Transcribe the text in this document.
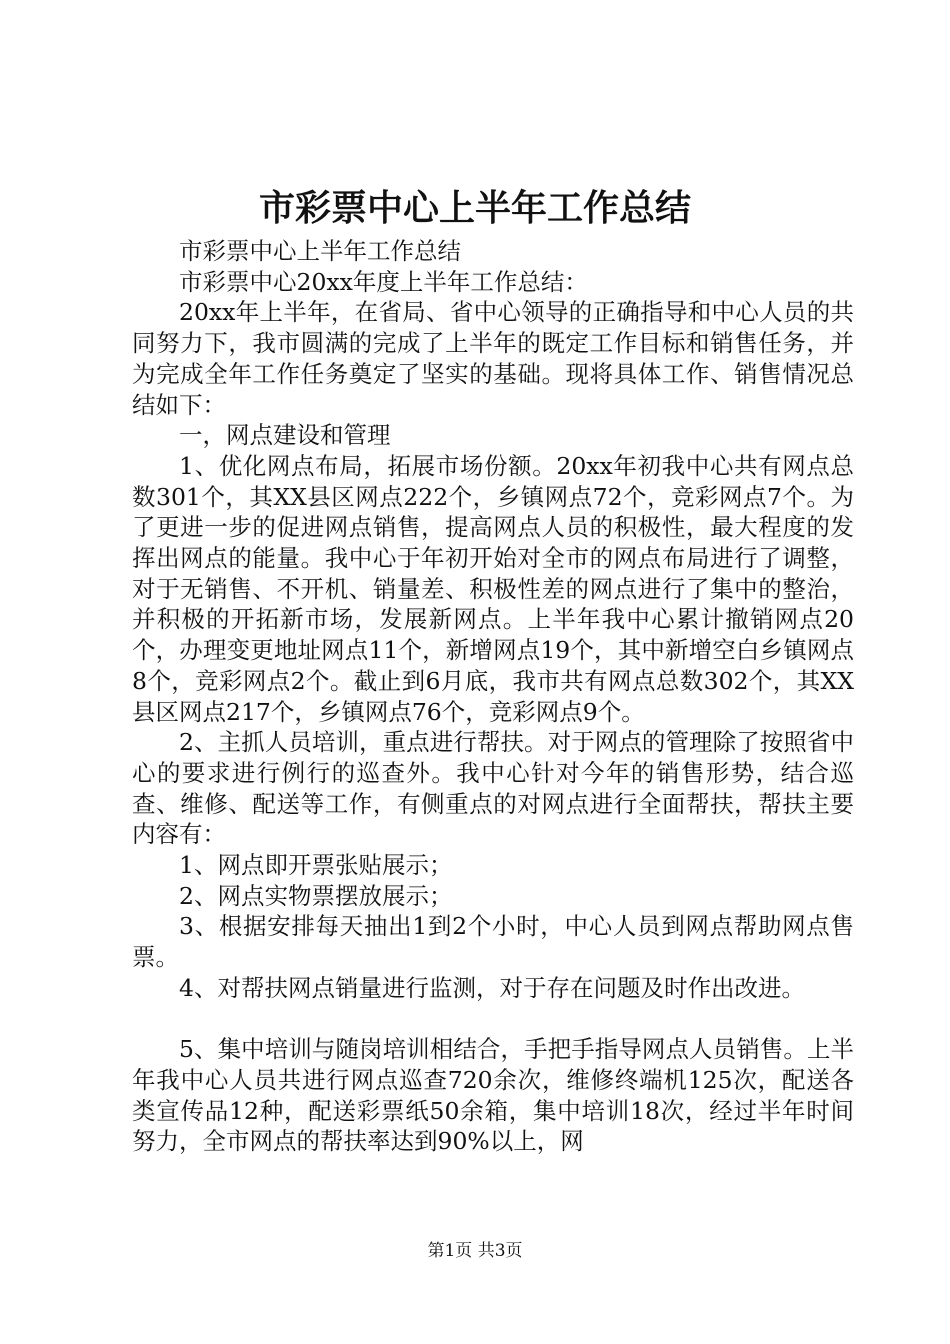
市彩票中心上半年工作总结

市彩票中心上半年工作总结

市彩票中心20xx年度上半年工作总结：

20xx年上半年，在省局、省中心领导的正确指导和中心人员的共同努力下，我市圆满的完成了上半年的既定工作目标和销售任务，并为完成全年工作任务奠定了坚实的基础。现将具体工作、销售情况总结如下：

一，网点建设和管理

1、优化网点布局，拓展市场份额。20xx年初我中心共有网点总数301个，其XX县区网点222个，乡镇网点72个，竞彩网点7个。为了更进一步的促进网点销售，提高网点人员的积极性，最大程度的发挥出网点的能量。我中心于年初开始对全市的网点布局进行了调整，对于无销售、不开机、销量差、积极性差的网点进行了集中的整治，并积极的开拓新市场，发展新网点。上半年我中心累计撤销网点20个，办理变更地址网点11个，新增网点19个，其中新增空白乡镇网点8个，竞彩网点2个。截止到6月底，我市共有网点总数302个，其XX县区网点217个，乡镇网点76个，竞彩网点9个。

2、主抓人员培训，重点进行帮扶。对于网点的管理除了按照省中心的要求进行例行的巡查外。我中心针对今年的销售形势，结合巡查、维修、配送等工作，有侧重点的对网点进行全面帮扶，帮扶主要内容有：

1、网点即开票张贴展示；

2、网点实物票摆放展示；

3、根据安排每天抽出1到2个小时，中心人员到网点帮助网点售票。

4、对帮扶网点销量进行监测，对于存在问题及时作出改进。

5、集中培训与随岗培训相结合，手把手指导网点人员销售。上半年我中心人员共进行网点巡查720余次，维修终端机125次，配送各类宣传品12种，配送彩票纸50余箱，集中培训18次，经过半年时间努力，全市网点的帮扶率达到90%以上，网

第1页 共3页
